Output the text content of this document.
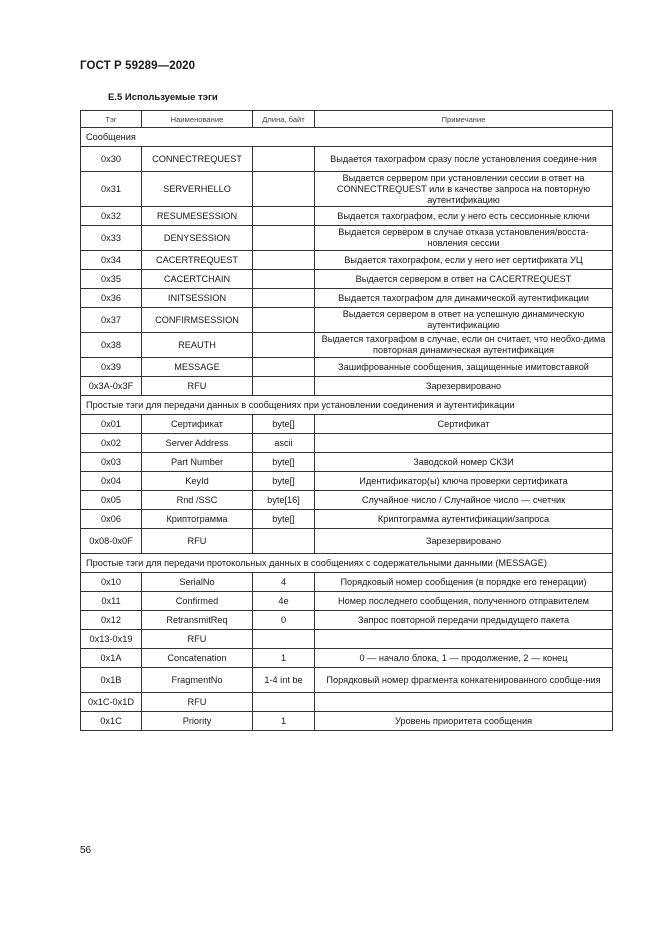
ГОСТ Р 59289—2020
Е.5 Используемые тэги
Тэг	Наименование	Длина, байт	Примечание
Сообщения			
0x30	CONNECTREQUEST		Выдается тахографом сразу после установления соедине-ния
0x31	SERVERHELLO		Выдается сервером при установлении сессии в ответ на CONNECTREQUEST или в качестве запроса на повторную аутентификацию
0x32	RESUMESESSION		Выдается тахографом, если у него есть сессионные ключи
0x33	DENYSESSION		Выдается сервером в случае отказа установления/восста-новления сессии
0x34	CACERTREQUEST		Выдается тахографом, если у него нет сертификата УЦ
0x35	CACERTCHAIN		Выдается сервером в ответ на CACERTREQUEST
0x36	INITSESSION		Выдается тахографом для динамической аутентификации
0x37	CONFIRMSESSION		Выдается сервером в ответ на успешную динамическую аутентификацию
0x38	REAUTH		Выдается тахографом в случае, если он считает, что необхо-дима повторная динамическая аутентификация
0x39	MESSAGE		Зашифрованные сообщения, защищенные имитовставкой
0x3A-0x3F	RFU		Зарезервировано
Простые тэги для передачи данных в сообщениях при установлении соединения и аутентификации			
0x01	Сертификат	byte[]	Сертификат
0x02	Server Address	ascii	
0x03	Part Number	byte[]	Заводской номер СКЗИ
0x04	KeyId	byte[]	Идентификатор(ы) ключа проверки сертификата
0x05	Rnd /SSC	byte[16]	Случайное число / Случайное число — счетчик
0x06	Криптограмма	byte[]	Криптограмма аутентификации/запроса
0x08-0x0F	RFU		Зарезервировано
Простые тэги для передачи протокольных данных в сообщениях с содержательными данными (MESSAGE)			
0x10	SerialNo	4	Порядковый номер сообщения (в порядке его генерации)
0x11	Confirmed	4e	Номер последнего сообщения, полученного отправителем
0x12	RetransmitReq	0	Запрос повторной передачи предыдущего пакета
0x13-0x19	RFU		
0x1A	Concatenation	1	0 — начало блока, 1 — продолжение, 2 — конец
0x1B	FragmentNo	1-4 int be	Порядковый номер фрагмента конкатенированного сообще-ния
0x1C-0x1D	RFU		
0x1C	Priority	1	Уровень приоритета сообщения
56
